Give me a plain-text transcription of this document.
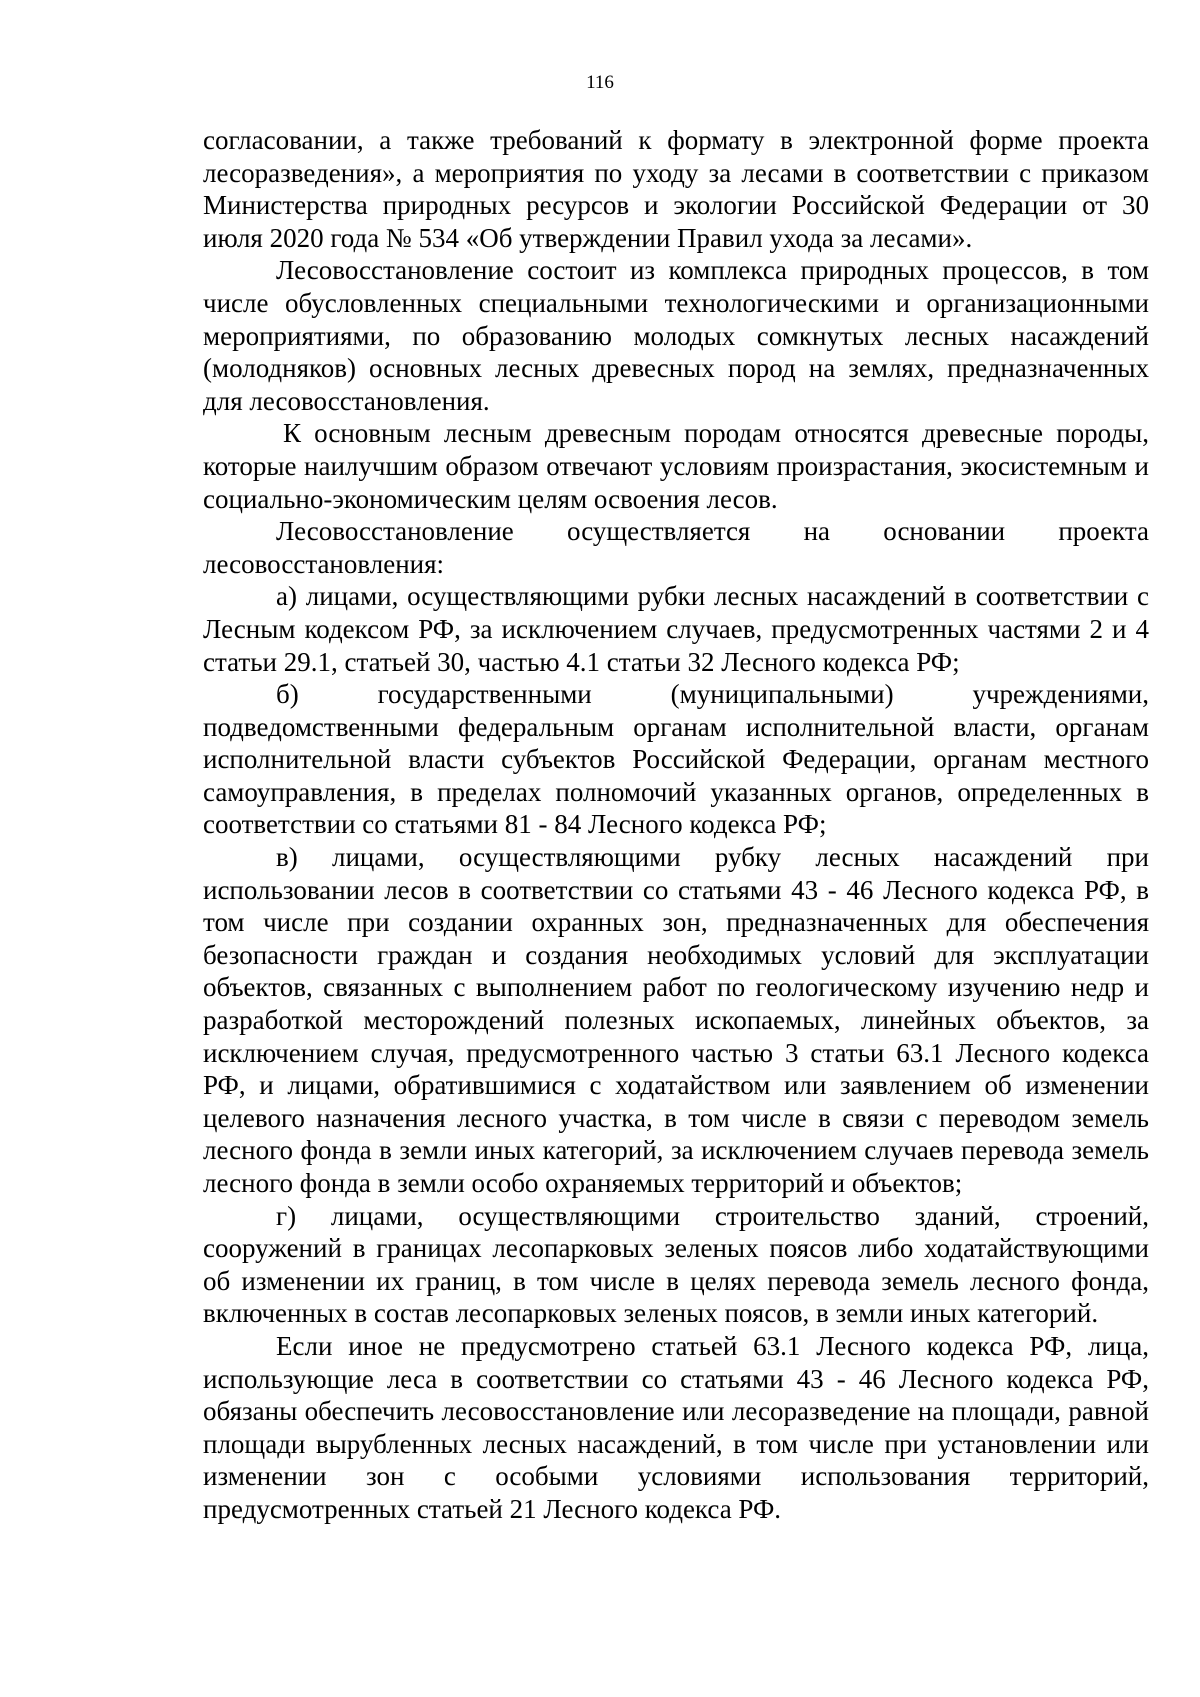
116

согласовании, а также требований к формату в электронной форме проекта лесоразведения», а мероприятия по уходу за лесами в соответствии с приказом Министерства природных ресурсов и экологии Российской Федерации от 30 июля 2020 года № 534 «Об утверждении Правил ухода за лесами».

Лесовосстановление состоит из комплекса природных процессов, в том числе обусловленных специальными технологическими и организационными мероприятиями, по образованию молодых сомкнутых лесных насаждений (молодняков) основных лесных древесных пород на землях, предназначенных для лесовосстановления.

К основным лесным древесным породам относятся древесные породы, которые наилучшим образом отвечают условиям произрастания, экосистемным и социально-экономическим целям освоения лесов.

Лесовосстановление осуществляется на основании проекта лесовосстановления:

а) лицами, осуществляющими рубки лесных насаждений в соответствии с Лесным кодексом РФ, за исключением случаев, предусмотренных частями 2 и 4 статьи 29.1, статьей 30, частью 4.1 статьи 32 Лесного кодекса РФ;

б) государственными (муниципальными) учреждениями, подведомственными федеральным органам исполнительной власти, органам исполнительной власти субъектов Российской Федерации, органам местного самоуправления, в пределах полномочий указанных органов, определенных в соответствии со статьями 81 - 84 Лесного кодекса РФ;

в) лицами, осуществляющими рубку лесных насаждений при использовании лесов в соответствии со статьями 43 - 46 Лесного кодекса РФ, в том числе при создании охранных зон, предназначенных для обеспечения безопасности граждан и создания необходимых условий для эксплуатации объектов, связанных с выполнением работ по геологическому изучению недр и разработкой месторождений полезных ископаемых, линейных объектов, за исключением случая, предусмотренного частью 3 статьи 63.1 Лесного кодекса РФ, и лицами, обратившимися с ходатайством или заявлением об изменении целевого назначения лесного участка, в том числе в связи с переводом земель лесного фонда в земли иных категорий, за исключением случаев перевода земель лесного фонда в земли особо охраняемых территорий и объектов;

г) лицами, осуществляющими строительство зданий, строений, сооружений в границах лесопарковых зеленых поясов либо ходатайствующими об изменении их границ, в том числе в целях перевода земель лесного фонда, включенных в состав лесопарковых зеленых поясов, в земли иных категорий.

Если иное не предусмотрено статьей 63.1 Лесного кодекса РФ, лица, использующие леса в соответствии со статьями 43 - 46 Лесного кодекса РФ, обязаны обеспечить лесовосстановление или лесоразведение на площади, равной площади вырубленных лесных насаждений, в том числе при установлении или изменении зон с особыми условиями использования территорий, предусмотренных статьей 21 Лесного кодекса РФ.
